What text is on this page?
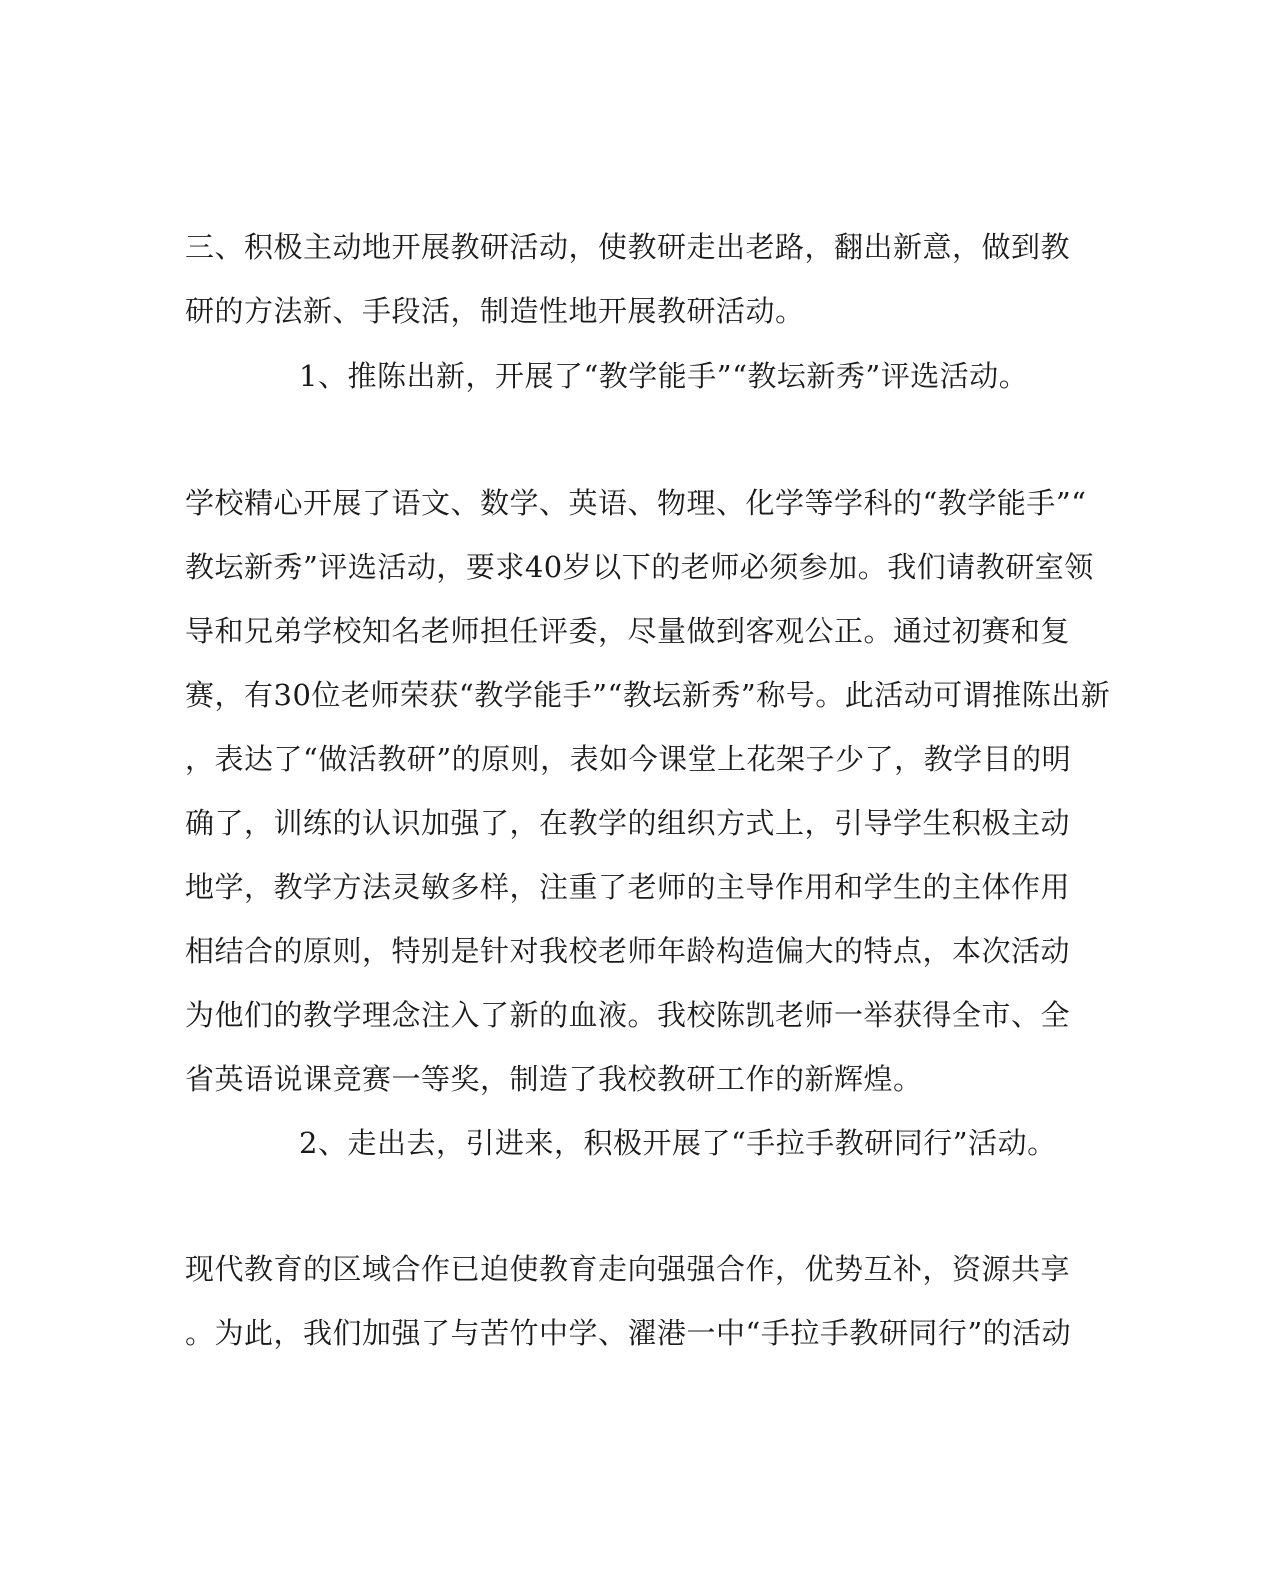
三、积极主动地开展教研活动，使教研走出老路，翻出新意，做到教
研的方法新、手段活，制造性地开展教研活动。
1、推陈出新，开展了“教学能手”“教坛新秀”评选活动。
学校精心开展了语文、数学、英语、物理、化学等学科的“教学能手”“
教坛新秀”评选活动，要求40岁以下的老师必须参加。我们请教研室领
导和兄弟学校知名老师担任评委，尽量做到客观公正。通过初赛和复
赛，有30位老师荣获“教学能手”“教坛新秀”称号。此活动可谓推陈出新
，表达了“做活教研”的原则，表如今课堂上花架子少了，教学目的明
确了，训练的认识加强了，在教学的组织方式上，引导学生积极主动
地学，教学方法灵敏多样，注重了老师的主导作用和学生的主体作用
相结合的原则，特别是针对我校老师年龄构造偏大的特点，本次活动
为他们的教学理念注入了新的血液。我校陈凯老师一举获得全市、全
省英语说课竞赛一等奖，制造了我校教研工作的新辉煌。
2、走出去，引进来，积极开展了“手拉手教研同行”活动。
现代教育的区域合作已迫使教育走向强强合作，优势互补，资源共享
。为此，我们加强了与苦竹中学、濯港一中“手拉手教研同行”的活动
